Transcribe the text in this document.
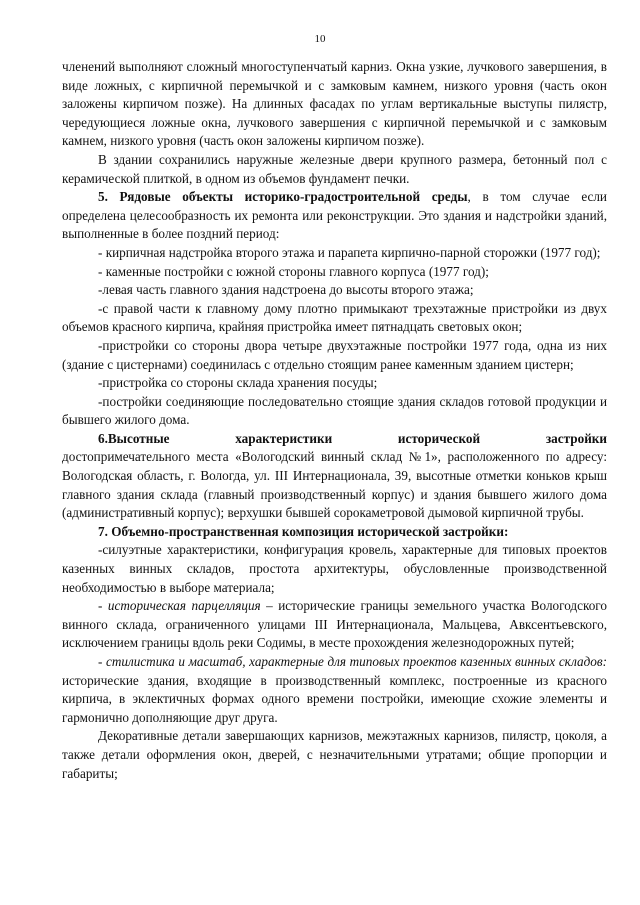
10

членений выполняют сложный многоступенчатый карниз. Окна узкие, лучкового завершения, в виде ложных, с кирпичной перемычкой и с замковым камнем, низкого уровня (часть окон заложены кирпичом позже). На длинных фасадах по углам вертикальные выступы пилястр, чередующиеся ложные окна, лучкового завершения с кирпичной перемычкой и с замковым камнем, низкого уровня (часть окон заложены кирпичом позже).

В здании сохранились наружные железные двери крупного размера, бетонный пол с керамической плиткой, в одном из объемов фундамент печки.

5. Рядовые объекты историко-градостроительной среды, в том случае если определена целесообразность их ремонта или реконструкции. Это здания и надстройки зданий, выполненные в более поздний период:

- кирпичная надстройка второго этажа и парапета кирпично-парной сторожки (1977 год);

- каменные постройки с южной стороны главного корпуса (1977 год);

-левая часть главного здания надстроена до высоты второго этажа;

-с правой части к главному дому плотно примыкают трехэтажные пристройки из двух объемов красного кирпича, крайняя пристройка имеет пятнадцать световых окон;

-пристройки со стороны двора четыре двухэтажные постройки 1977 года, одна из них (здание с цистернами) соединилась с отдельно стоящим ранее каменным зданием цистерн;

-пристройка со стороны склада хранения посуды;

-постройки соединяющие последовательно стоящие здания складов готовой продукции и бывшего жилого дома.

6.Высотные	характеристики	исторической	застройки

достопримечательного места «Вологодский винный склад №1», расположенного по адресу: Вологодская область, г. Вологда, ул. III Интернационала, 39, высотные отметки коньков крыш главного здания склада (главный производственный корпус) и здания бывшего жилого дома (административный корпус); верхушки бывшей сорокаметровой дымовой кирпичной трубы.

7. Объемно-пространственная композиция исторической застройки:

-силуэтные характеристики, конфигурация кровель, характерные для типовых проектов казенных винных складов, простота архитектуры, обусловленные производственной необходимостью в выборе материала;

- историческая парцелляция – исторические границы земельного участка Вологодского винного склада, ограниченного улицами III Интернационала, Мальцева, Авксентьевского, исключением границы вдоль реки Содимы, в месте прохождения железнодорожных путей;

- стилистика и масштаб, характерные для типовых проектов казенных винных складов: исторические здания, входящие в производственный комплекс, построенные из красного кирпича, в эклектичных формах одного времени постройки, имеющие схожие элементы и гармонично дополняющие друг друга.

Декоративные детали завершающих карнизов, межэтажных карнизов, пилястр, цоколя, а также детали оформления окон, дверей, с незначительными утратами; общие пропорции и габариты;
